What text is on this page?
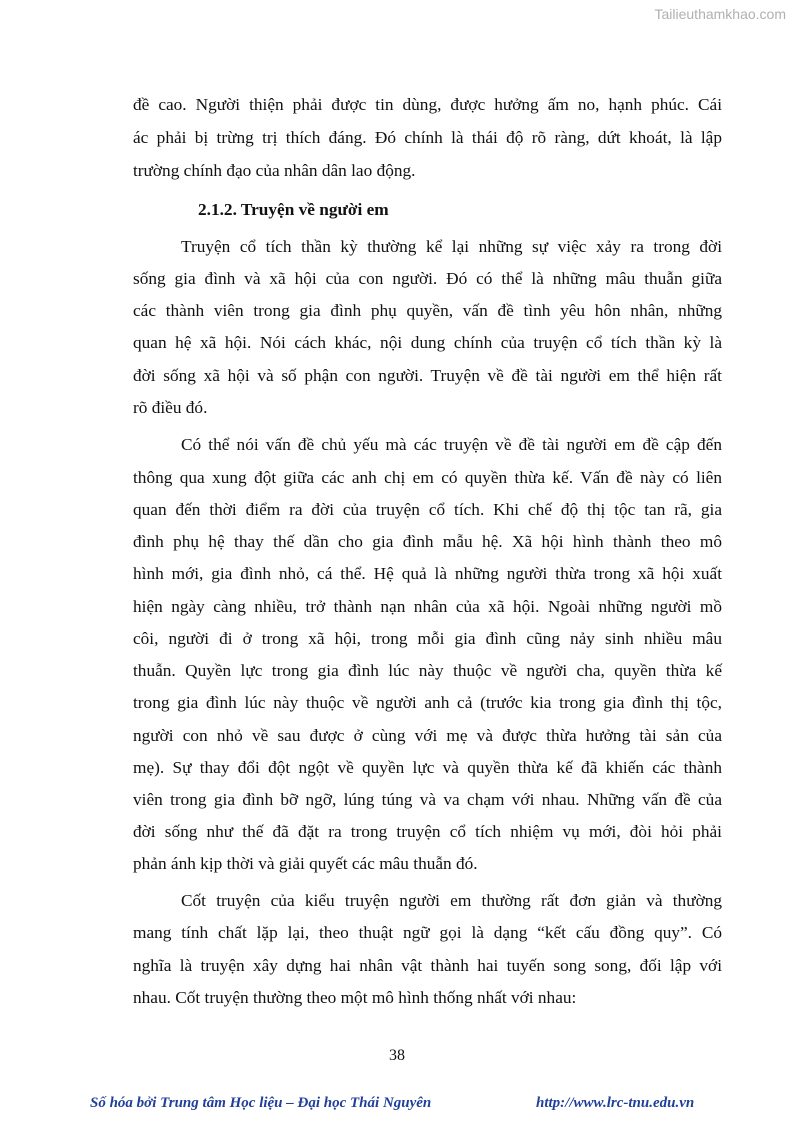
Tailieuthamkhao.com
đề cao. Người thiện phải được tin dùng, được hưởng ấm no, hạnh phúc. Cái
ác phải bị trừng trị thích đáng. Đó chính là thái độ rõ ràng, dứt khoát, là lập
trường chính đạo của nhân dân lao động.
Truyện cổ tích thần kỳ thường kể lại những sự việc xảy ra trong đời
sống gia đình và xã hội của con người. Đó có thể là những mâu thuẫn giữa
các thành viên trong gia đình phụ quyền, vấn đề tình yêu hôn nhân, những
quan hệ xã hội. Nói cách khác, nội dung chính của truyện cổ tích thần kỳ là
đời sống xã hội và số phận con người. Truyện về đề tài người em thể hiện rất
rõ điều đó.
Có thể nói vấn đề chủ yếu mà các truyện về đề tài người em đề cập đến
thông qua xung đột giữa các anh chị em có quyền thừa kế. Vấn đề này có liên
quan đến thời điểm ra đời của truyện cổ tích. Khi chế độ thị tộc tan rã, gia
đình phụ hệ thay thế dần cho gia đình mẫu hệ. Xã hội hình thành theo mô
hình mới, gia đình nhỏ, cá thể. Hệ quả là những người thừa trong xã hội xuất
hiện ngày càng nhiều, trở thành nạn nhân của xã hội. Ngoài những người mồ
côi, người đi ở trong xã hội, trong mỗi gia đình cũng nảy sinh nhiều mâu
thuẫn. Quyền lực trong gia đình lúc này thuộc về người cha, quyền thừa kế
trong gia đình lúc này thuộc về người anh cả (trước kia trong gia đình thị tộc,
người con nhỏ về sau được ở cùng với mẹ và được thừa hưởng tài sản của
mẹ). Sự thay đổi đột ngột về quyền lực và quyền thừa kế đã khiến các thành
viên trong gia đình bỡ ngỡ, lúng túng và va chạm với nhau. Những vấn đề của
đời sống như thế đã đặt ra trong truyện cổ tích nhiệm vụ mới, đòi hỏi phải
phản ánh kịp thời và giải quyết các mâu thuẫn đó.
Cốt truyện của kiểu truyện người em thường rất đơn giản và thường
mang tính chất lặp lại, theo thuật ngữ gọi là dạng “kết cấu đồng quy”. Có
nghĩa là truyện xây dựng hai nhân vật thành hai tuyến song song, đối lập với
nhau. Cốt truyện thường theo một mô hình thống nhất với nhau:
2.1.2. Truyện về người em
38
Số hóa bởi Trung tâm Học liệu – Đại học Thái Nguyên	http://www.lrc-tnu.edu.vn
